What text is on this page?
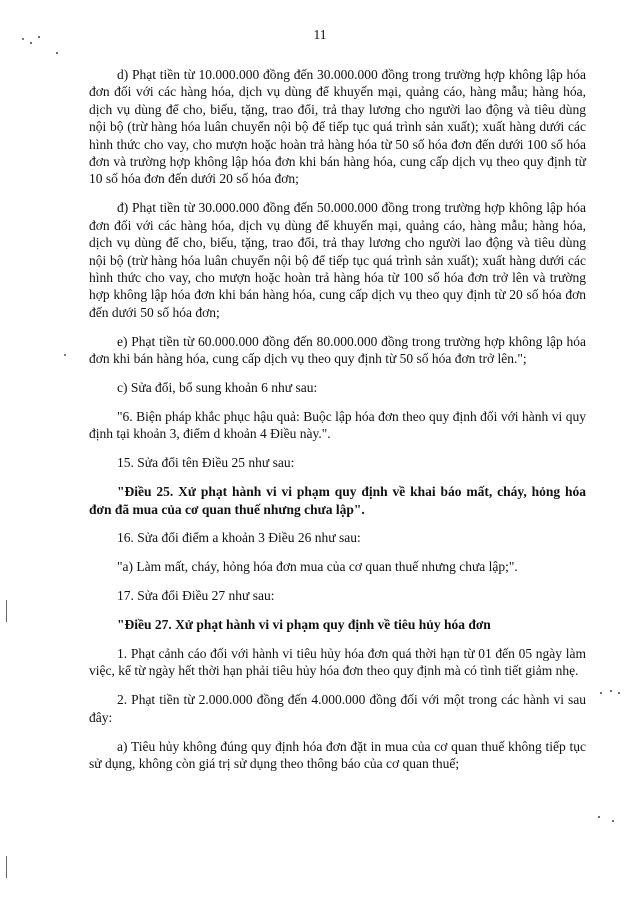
11

d) Phạt tiền từ 10.000.000 đồng đến 30.000.000 đồng trong trường hợp không lập hóa đơn đối với các hàng hóa, dịch vụ dùng để khuyến mại, quảng cáo, hàng mẫu; hàng hóa, dịch vụ dùng để cho, biếu, tặng, trao đổi, trả thay lương cho người lao động và tiêu dùng nội bộ (trừ hàng hóa luân chuyển nội bộ để tiếp tục quá trình sản xuất); xuất hàng dưới các hình thức cho vay, cho mượn hoặc hoàn trả hàng hóa từ 50 số hóa đơn đến dưới 100 số hóa đơn và trường hợp không lập hóa đơn khi bán hàng hóa, cung cấp dịch vụ theo quy định từ 10 số hóa đơn đến dưới 20 số hóa đơn;

đ) Phạt tiền từ 30.000.000 đồng đến 50.000.000 đồng trong trường hợp không lập hóa đơn đối với các hàng hóa, dịch vụ dùng để khuyến mại, quảng cáo, hàng mẫu; hàng hóa, dịch vụ dùng để cho, biếu, tặng, trao đổi, trả thay lương cho người lao động và tiêu dùng nội bộ (trừ hàng hóa luân chuyển nội bộ để tiếp tục quá trình sản xuất); xuất hàng dưới các hình thức cho vay, cho mượn hoặc hoàn trả hàng hóa từ 100 số hóa đơn trở lên và trường hợp không lập hóa đơn khi bán hàng hóa, cung cấp dịch vụ theo quy định từ 20 số hóa đơn đến dưới 50 số hóa đơn;

e) Phạt tiền từ 60.000.000 đồng đến 80.000.000 đồng trong trường hợp không lập hóa đơn khi bán hàng hóa, cung cấp dịch vụ theo quy định từ 50 số hóa đơn trở lên.";

c) Sửa đổi, bổ sung khoản 6 như sau:

"6. Biện pháp khắc phục hậu quả: Buộc lập hóa đơn theo quy định đối với hành vi quy định tại khoản 3, điểm d khoản 4 Điều này.".

15. Sửa đổi tên Điều 25 như sau:

"Điều 25. Xử phạt hành vi vi phạm quy định về khai báo mất, cháy, hỏng hóa đơn đã mua của cơ quan thuế nhưng chưa lập".

16. Sửa đổi điểm a khoản 3 Điều 26 như sau:

"a) Làm mất, cháy, hỏng hóa đơn mua của cơ quan thuế nhưng chưa lập;".

17. Sửa đổi Điều 27 như sau:

"Điều 27. Xử phạt hành vi vi phạm quy định về tiêu hủy hóa đơn

1. Phạt cảnh cáo đối với hành vi tiêu hủy hóa đơn quá thời hạn từ 01 đến 05 ngày làm việc, kể từ ngày hết thời hạn phải tiêu hủy hóa đơn theo quy định mà có tình tiết giảm nhẹ.

2. Phạt tiền từ 2.000.000 đồng đến 4.000.000 đồng đối với một trong các hành vi sau đây:

a) Tiêu hủy không đúng quy định hóa đơn đặt in mua của cơ quan thuế không tiếp tục sử dụng, không còn giá trị sử dụng theo thông báo của cơ quan thuế;
